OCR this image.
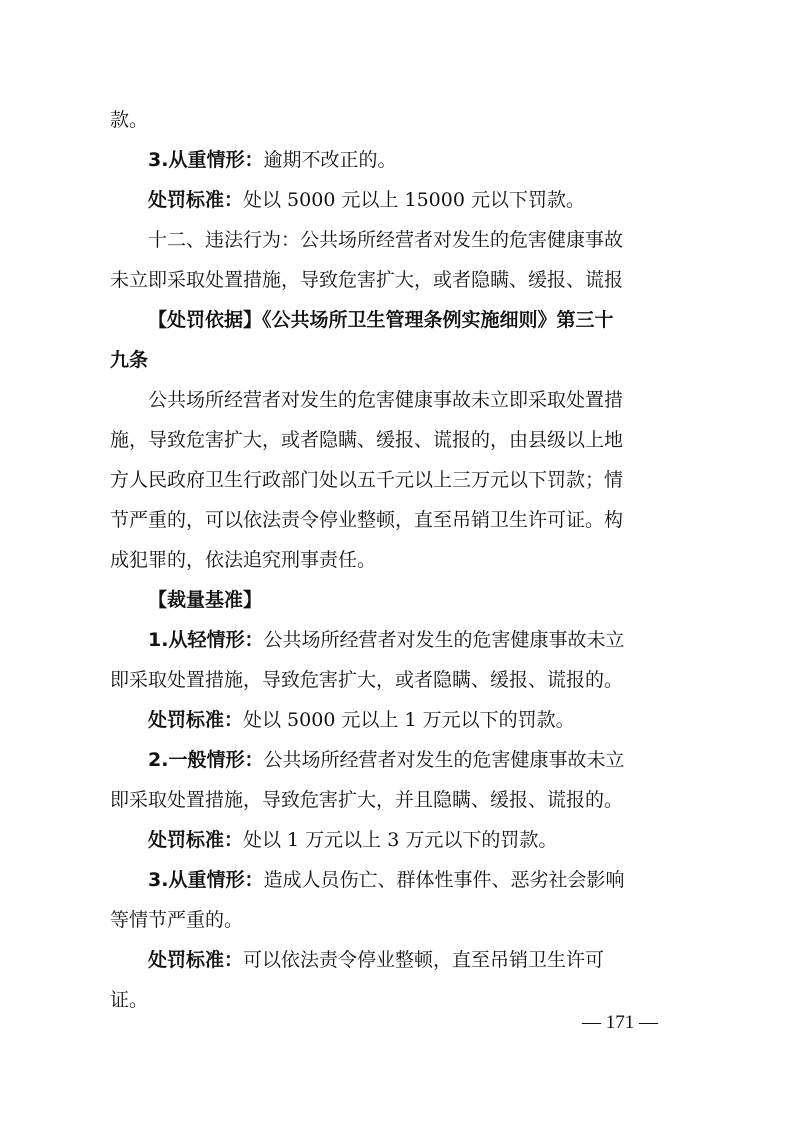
款。
3.从重情形：逾期不改正的。
处罚标准：处以 5000 元以上 15000 元以下罚款。
十二、违法行为：公共场所经营者对发生的危害健康事故
未立即采取处置措施，导致危害扩大，或者隐瞒、缓报、谎报
【处罚依据】《公共场所卫生管理条例实施细则》第三十
九条
公共场所经营者对发生的危害健康事故未立即采取处置措
施，导致危害扩大，或者隐瞒、缓报、谎报的，由县级以上地
方人民政府卫生行政部门处以五千元以上三万元以下罚款；情
节严重的，可以依法责令停业整顿，直至吊销卫生许可证。构
成犯罪的，依法追究刑事责任。
【裁量基准】
1.从轻情形：公共场所经营者对发生的危害健康事故未立
即采取处置措施，导致危害扩大，或者隐瞒、缓报、谎报的。
处罚标准：处以 5000 元以上 1 万元以下的罚款。
2.一般情形：公共场所经营者对发生的危害健康事故未立
即采取处置措施，导致危害扩大，并且隐瞒、缓报、谎报的。
处罚标准：处以 1 万元以上 3 万元以下的罚款。
3.从重情形：造成人员伤亡、群体性事件、恶劣社会影响
等情节严重的。
处罚标准：可以依法责令停业整顿，直至吊销卫生许可
证。
— 171 —
